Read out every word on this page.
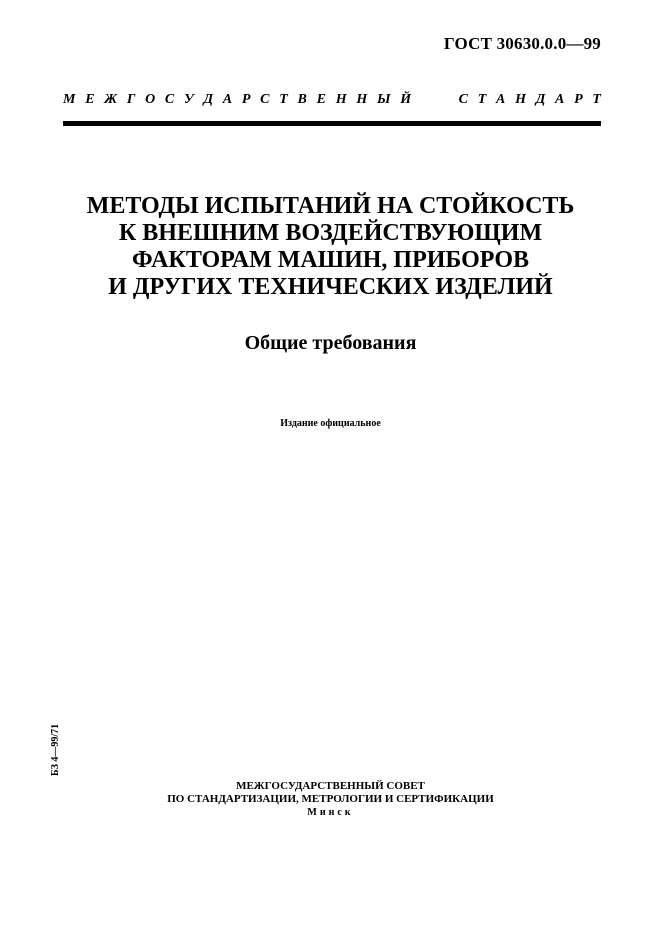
ГОСТ 30630.0.0—99
М Е Ж Г О С У Д А Р С Т В Е Н Н Ы Й	С Т А Н Д А Р Т
МЕТОДЫ ИСПЫТАНИЙ НА СТОЙКОСТЬ
К ВНЕШНИМ ВОЗДЕЙСТВУЮЩИМ
ФАКТОРАМ МАШИН, ПРИБОРОВ
И ДРУГИХ ТЕХНИЧЕСКИХ ИЗДЕЛИЙ
Общие требования
Издание официальное
БЗ 4—99/71
МЕЖГОСУДАРСТВЕННЫЙ СОВЕТ
ПО СТАНДАРТИЗАЦИИ, МЕТРОЛОГИИ И СЕРТИФИКАЦИИ
Минск
